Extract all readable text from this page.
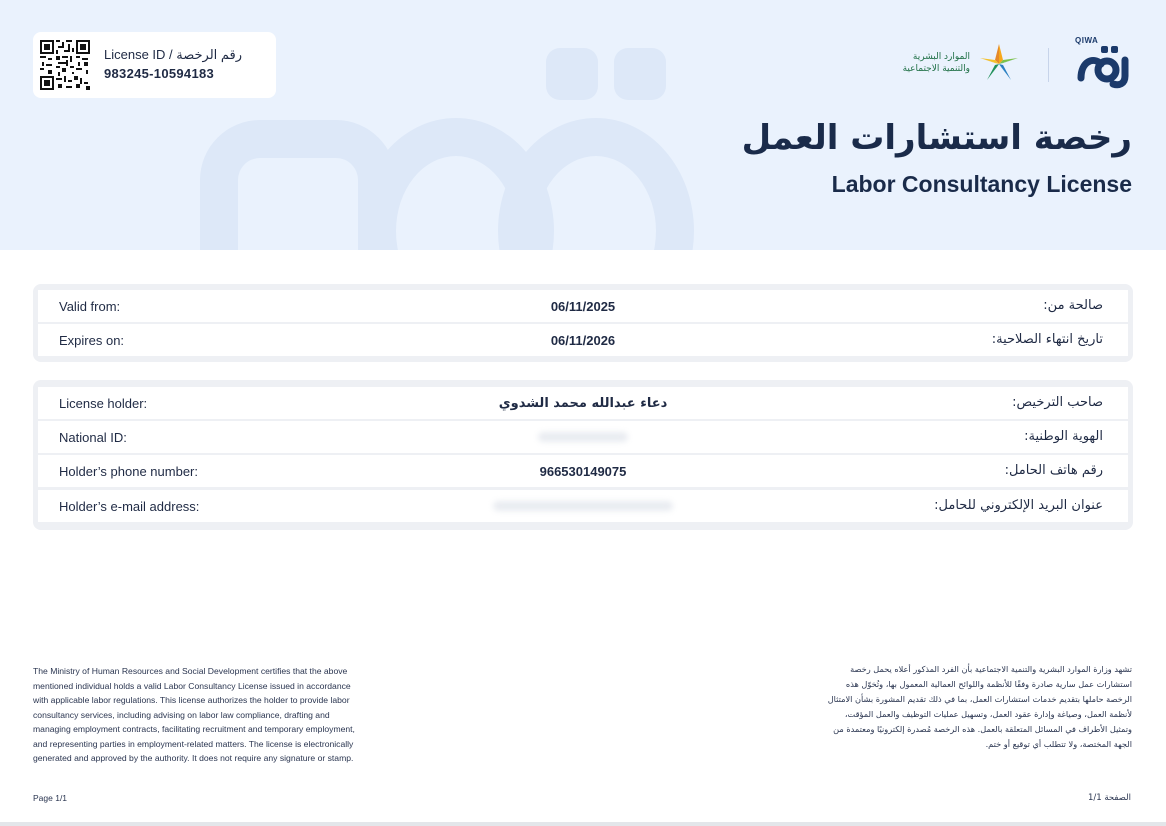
License ID / رقم الرخصة
983245-10594183
الموارد البشرية
والتنمية الاجتماعية
QIWA
رخصة استشارات العمل
Labor Consultancy License
Valid from:	06/11/2025	صالحة من:
Expires on:	06/11/2026	تاريخ انتهاء الصلاحية:
License holder:	دعاء عبدالله محمد الشدوي	صاحب الترخيص:
National ID:	الهوية الوطنية:
Holder’s phone number:	966530149075	رقم هاتف الحامل:
Holder’s e-mail address:	عنوان البريد الإلكتروني للحامل:
The Ministry of Human Resources and Social Development certifies that the above mentioned individual holds a valid Labor Consultancy License issued in accordance with applicable labor regulations. This license authorizes the holder to provide labor consultancy services, including advising on labor law compliance, drafting and managing employment contracts, facilitating recruitment and temporary employment, and representing parties in employment-related matters. The license is electronically generated and approved by the authority. It does not require any signature or stamp.
تشهد وزارة الموارد البشرية والتنمية الاجتماعية بأن الفرد المذكور أعلاه يحمل رخصة استشارات عمل سارية صادرة وفقًا للأنظمة واللوائح العمالية المعمول بها، وتُخوّل هذه الرخصة حاملها بتقديم خدمات استشارات العمل، بما في ذلك تقديم المشورة بشأن الامتثال لأنظمة العمل، وصياغة وإدارة عقود العمل، وتسهيل عمليات التوظيف والعمل المؤقت، وتمثيل الأطراف في المسائل المتعلقة بالعمل. هذه الرخصة مُصدرة إلكترونيًا ومعتمدة من الجهة المختصة، ولا تتطلب أي توقيع أو ختم.
Page 1/1	الصفحة 1/1
